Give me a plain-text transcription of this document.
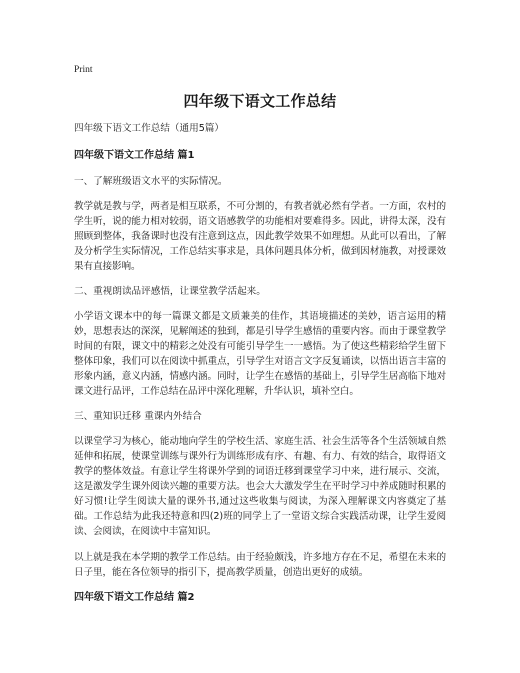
Print
四年级下语文工作总结

四年级下语文工作总结（通用5篇）

四年级下语文工作总结 篇1

一、了解班级语文水平的实际情况。

教学就是教与学，两者是相互联系，不可分割的，有教者就必然有学者。一方面，农村的学生听，说的能力相对较弱，语文语感教学的功能相对要难得多。因此，讲得太深，没有照顾到整体，我备课时也没有注意到这点，因此教学效果不如理想。从此可以看出，了解及分析学生实际情况，工作总结实事求是，具体问题具体分析，做到因材施教，对授课效果有直接影响。

二、重视朗读品评感悟，让课堂教学活起来。

小学语文课本中的每一篇课文都是文质兼美的佳作，其语境描述的美妙，语言运用的精妙，思想表达的深深，见解阐述的独到，都是引导学生感悟的重要内容。而由于课堂教学时间的有限，课文中的精彩之处没有可能引导学生一一感悟。为了使这些精彩给学生留下整体印象，我们可以在阅读中抓重点，引导学生对语言文字反复诵读，以悟出语言丰富的形象内涵，意义内涵，情感内涵。同时，让学生在感悟的基础上，引导学生居高临下地对课文进行品评，工作总结在品评中深化理解，升华认识，填补空白。

三、重知识迁移 重课内外结合

以课堂学习为核心，能动地向学生的学校生活、家庭生活、社会生活等各个生活领域自然延伸和拓展，使课堂训练与课外行为训练形成有序、有趣、有力、有效的结合，取得语文教学的整体效益。有意让学生将课外学到的词语迁移到课堂学习中来，进行展示、交流，这是激发学生课外阅读兴趣的重要方法。也会大大激发学生在平时学习中养成随时积累的好习惯!让学生阅读大量的课外书,通过这些收集与阅读，为深入理解课文内容奠定了基础。工作总结为此我还特意和四(2)班的同学上了一堂语文综合实践活动课，让学生爱阅读、会阅读，在阅读中丰富知识。

以上就是我在本学期的教学工作总结。由于经验颇浅，许多地方存在不足，希望在未来的日子里，能在各位领导的指引下，提高教学质量，创造出更好的成绩。

四年级下语文工作总结 篇2
